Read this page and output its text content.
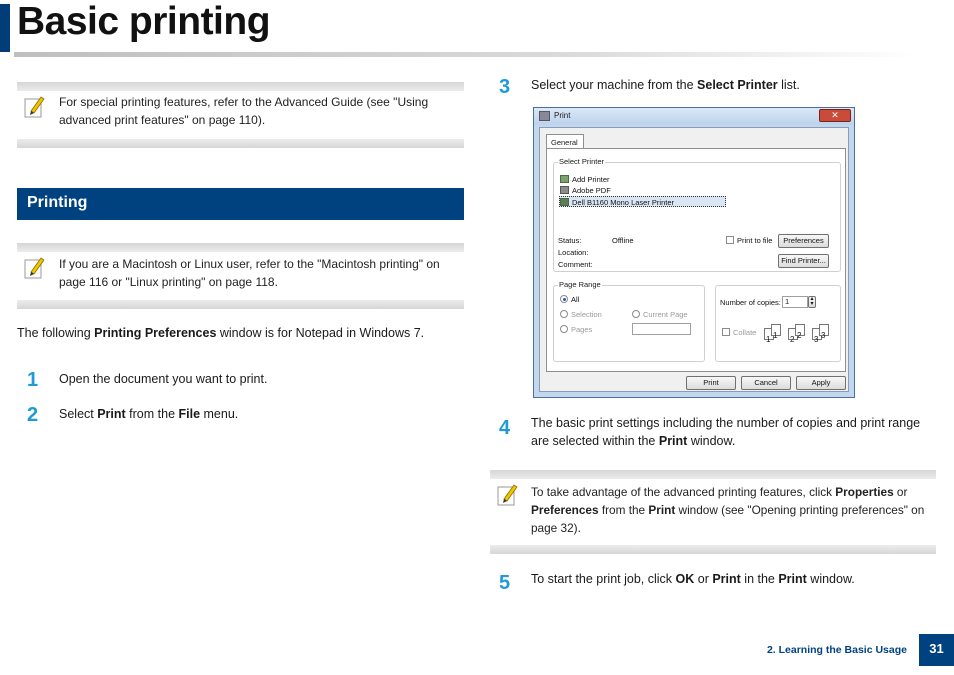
Basic printing
For special printing features, refer to the Advanced Guide (see "Using
advanced print features" on page 110).
Printing
If you are a Macintosh or Linux user, refer to the "Macintosh printing" on
page 116 or "Linux printing" on page 118.
The following Printing Preferences window is for Notepad in Windows 7.
1 Open the document you want to print.
2 Select Print from the File menu.
3 Select your machine from the Select Printer list.
Print	✕
General
Select Printer
Add Printer
Adobe PDF
Dell B1160 Mono Laser Printer
Status:	Offline
Location:
Comment:
Print to file	Preferences
Find Printer...
Page Range
All
Selection	Current Page
Pages
Number of copies: 1	▴
▾
Collate
1 1	2 2	3 3
Print	Cancel	Apply
4 The basic print settings including the number of copies and print range
are selected within the Print window.
To take advantage of the advanced printing features, click Properties or
Preferences from the Print window (see "Opening printing preferences" on
page 32).
5 To start the print job, click OK or Print in the Print window.
2. Learning the Basic Usage	31
